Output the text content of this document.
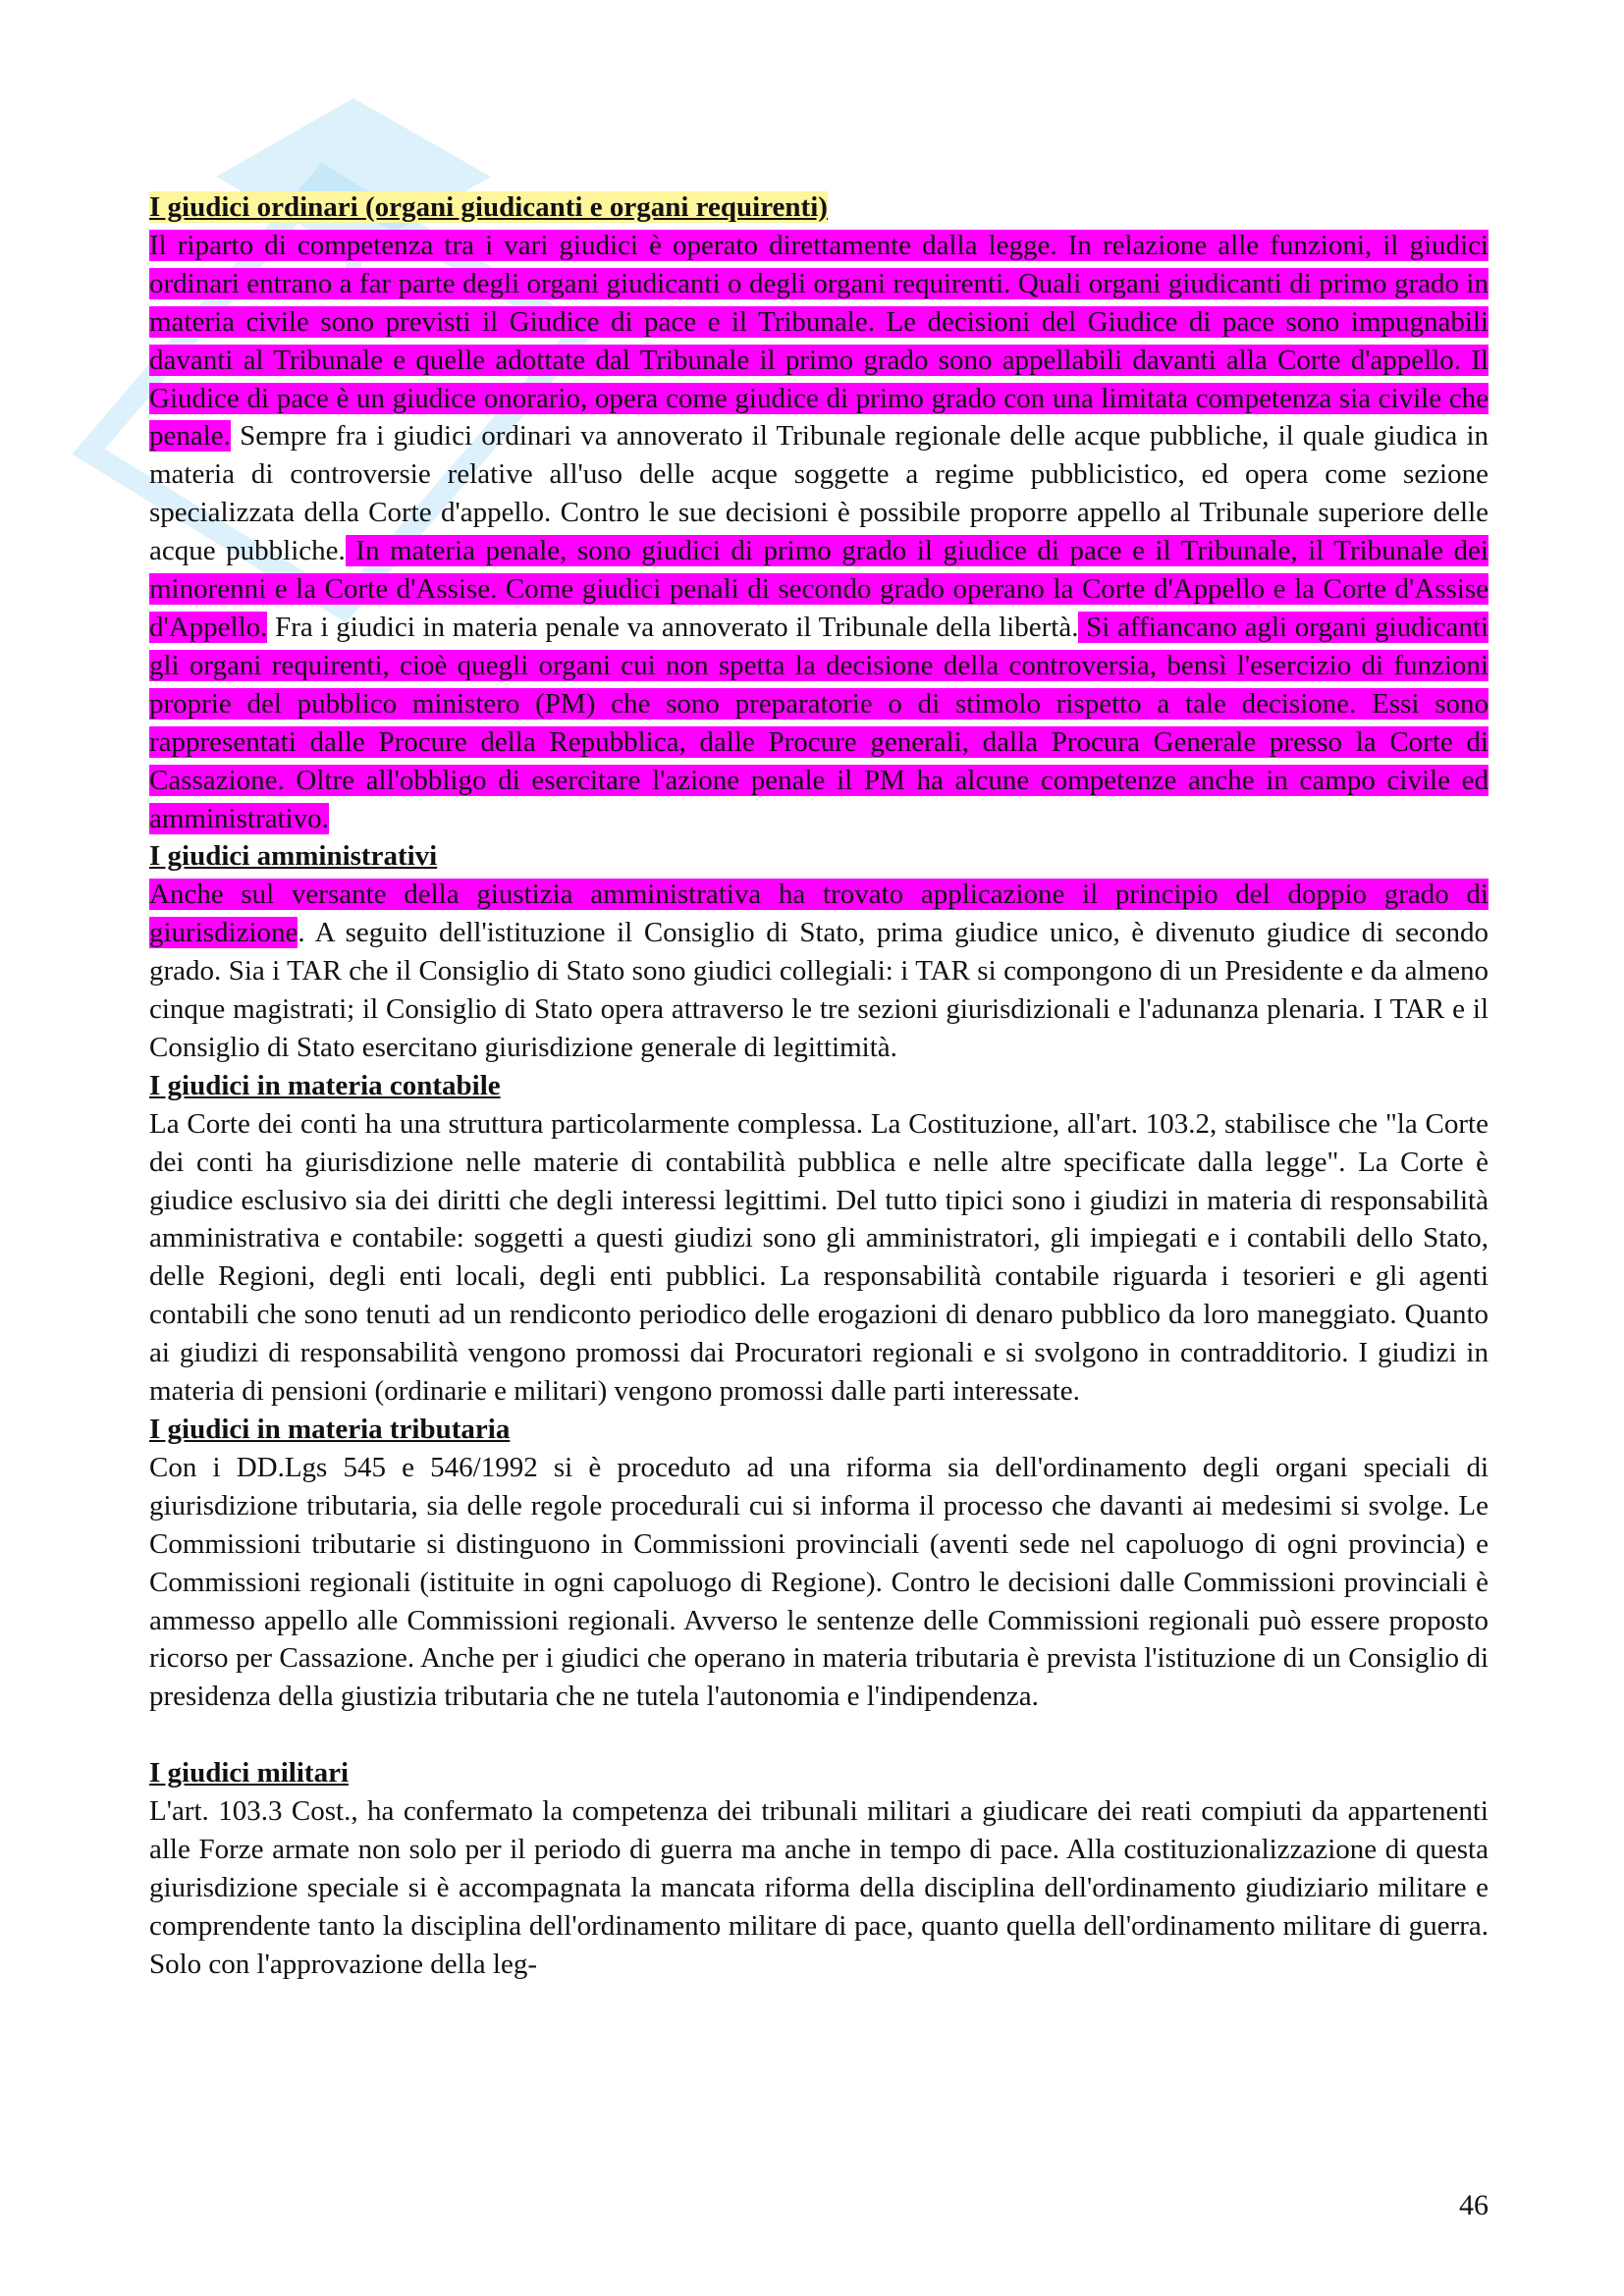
I giudici ordinari (organi giudicanti e organi requirenti)

Il riparto di competenza tra i vari giudici è operato direttamente dalla legge. In relazione alle funzioni, il giudici ordinari entrano a far parte degli organi giudicanti o degli organi requirenti. Quali organi giudicanti di primo grado in materia civile sono previsti il Giudice di pace e il Tribunale. Le decisioni del Giudice di pace sono impugnabili davanti al Tribunale e quelle adottate dal Tribunale il primo grado sono appellabili davanti alla Corte d'appello. Il Giudice di pace è un giudice onorario, opera come giudice di primo grado con una limitata competenza sia civile che penale. Sempre fra i giudici ordinari va annoverato il Tribunale regionale delle acque pubbliche, il quale giudica in materia di controversie relative all'uso delle acque soggette a regime pubblicistico, ed opera come sezione specializzata della Corte d'appello. Contro le sue decisioni è possibile proporre appello al Tribunale superiore delle acque pubbliche. In materia penale, sono giudici di primo grado il giudice di pace e il Tribunale, il Tribunale dei minorenni e la Corte d'Assise. Come giudici penali di secondo grado operano la Corte d'Appello e la Corte d'Assise d'Appello. Fra i giudici in materia penale va annoverato il Tribunale della libertà. Si affiancano agli organi giudicanti gli organi requirenti, cioè quegli organi cui non spetta la decisione della controversia, bensì l'esercizio di funzioni proprie del pubblico ministero (PM) che sono preparatorie o di stimolo rispetto a tale decisione. Essi sono rappresentati dalle Procure della Repubblica, dalle Procure generali, dalla Procura Generale presso la Corte di Cassazione. Oltre all'obbligo di esercitare l'azione penale il PM ha alcune competenze anche in campo civile ed amministrativo.

I giudici amministrativi

Anche sul versante della giustizia amministrativa ha trovato applicazione il principio del doppio grado di giurisdizione. A seguito dell'istituzione il Consiglio di Stato, prima giudice unico, è divenuto giudice di secondo grado. Sia i TAR che il Consiglio di Stato sono giudici collegiali: i TAR si compongono di un Presidente e da almeno cinque magistrati; il Consiglio di Stato opera attraverso le tre sezioni giurisdizionali e l'adunanza plenaria. I TAR e il Consiglio di Stato esercitano giurisdizione generale di legittimità.

I giudici in materia contabile

La Corte dei conti ha una struttura particolarmente complessa. La Costituzione, all'art. 103.2, stabilisce che "la Corte dei conti ha giurisdizione nelle materie di contabilità pubblica e nelle altre specificate dalla legge". La Corte è giudice esclusivo sia dei diritti che degli interessi legittimi. Del tutto tipici sono i giudizi in materia di responsabilità amministrativa e contabile: soggetti a questi giudizi sono gli amministratori, gli impiegati e i contabili dello Stato, delle Regioni, degli enti locali, degli enti pubblici. La responsabilità contabile riguarda i tesorieri e gli agenti contabili che sono tenuti ad un rendiconto periodico delle erogazioni di denaro pubblico da loro maneggiato. Quanto ai giudizi di responsabilità vengono promossi dai Procuratori regionali e si svolgono in contradditorio. I giudizi in materia di pensioni (ordinarie e militari) vengono promossi dalle parti interessate.

I giudici in materia tributaria

Con i DD.Lgs 545 e 546/1992 si è proceduto ad una riforma sia dell'ordinamento degli organi speciali di giurisdizione tributaria, sia delle regole procedurali cui si informa il processo che davanti ai medesimi si svolge. Le Commissioni tributarie si distinguono in Commissioni provinciali (aventi sede nel capoluogo di ogni provincia) e Commissioni regionali (istituite in ogni capoluogo di Regione). Contro le decisioni dalle Commissioni provinciali è ammesso appello alle Commissioni regionali. Avverso le sentenze delle Commissioni regionali può essere proposto ricorso per Cassazione. Anche per i giudici che operano in materia tributaria è prevista l'istituzione di un Consiglio di presidenza della giustizia tributaria che ne tutela l'autonomia e l'indipendenza.

I giudici militari

L'art. 103.3 Cost., ha confermato la competenza dei tribunali militari a giudicare dei reati compiuti da appartenenti alle Forze armate non solo per il periodo di guerra ma anche in tempo di pace. Alla costituzionalizzazione di questa giurisdizione speciale si è accompagnata la mancata riforma della disciplina dell'ordinamento giudiziario militare e comprendente tanto la disciplina dell'ordinamento militare di pace, quanto quella dell'ordinamento militare di guerra. Solo con l'approvazione della leg-

46
